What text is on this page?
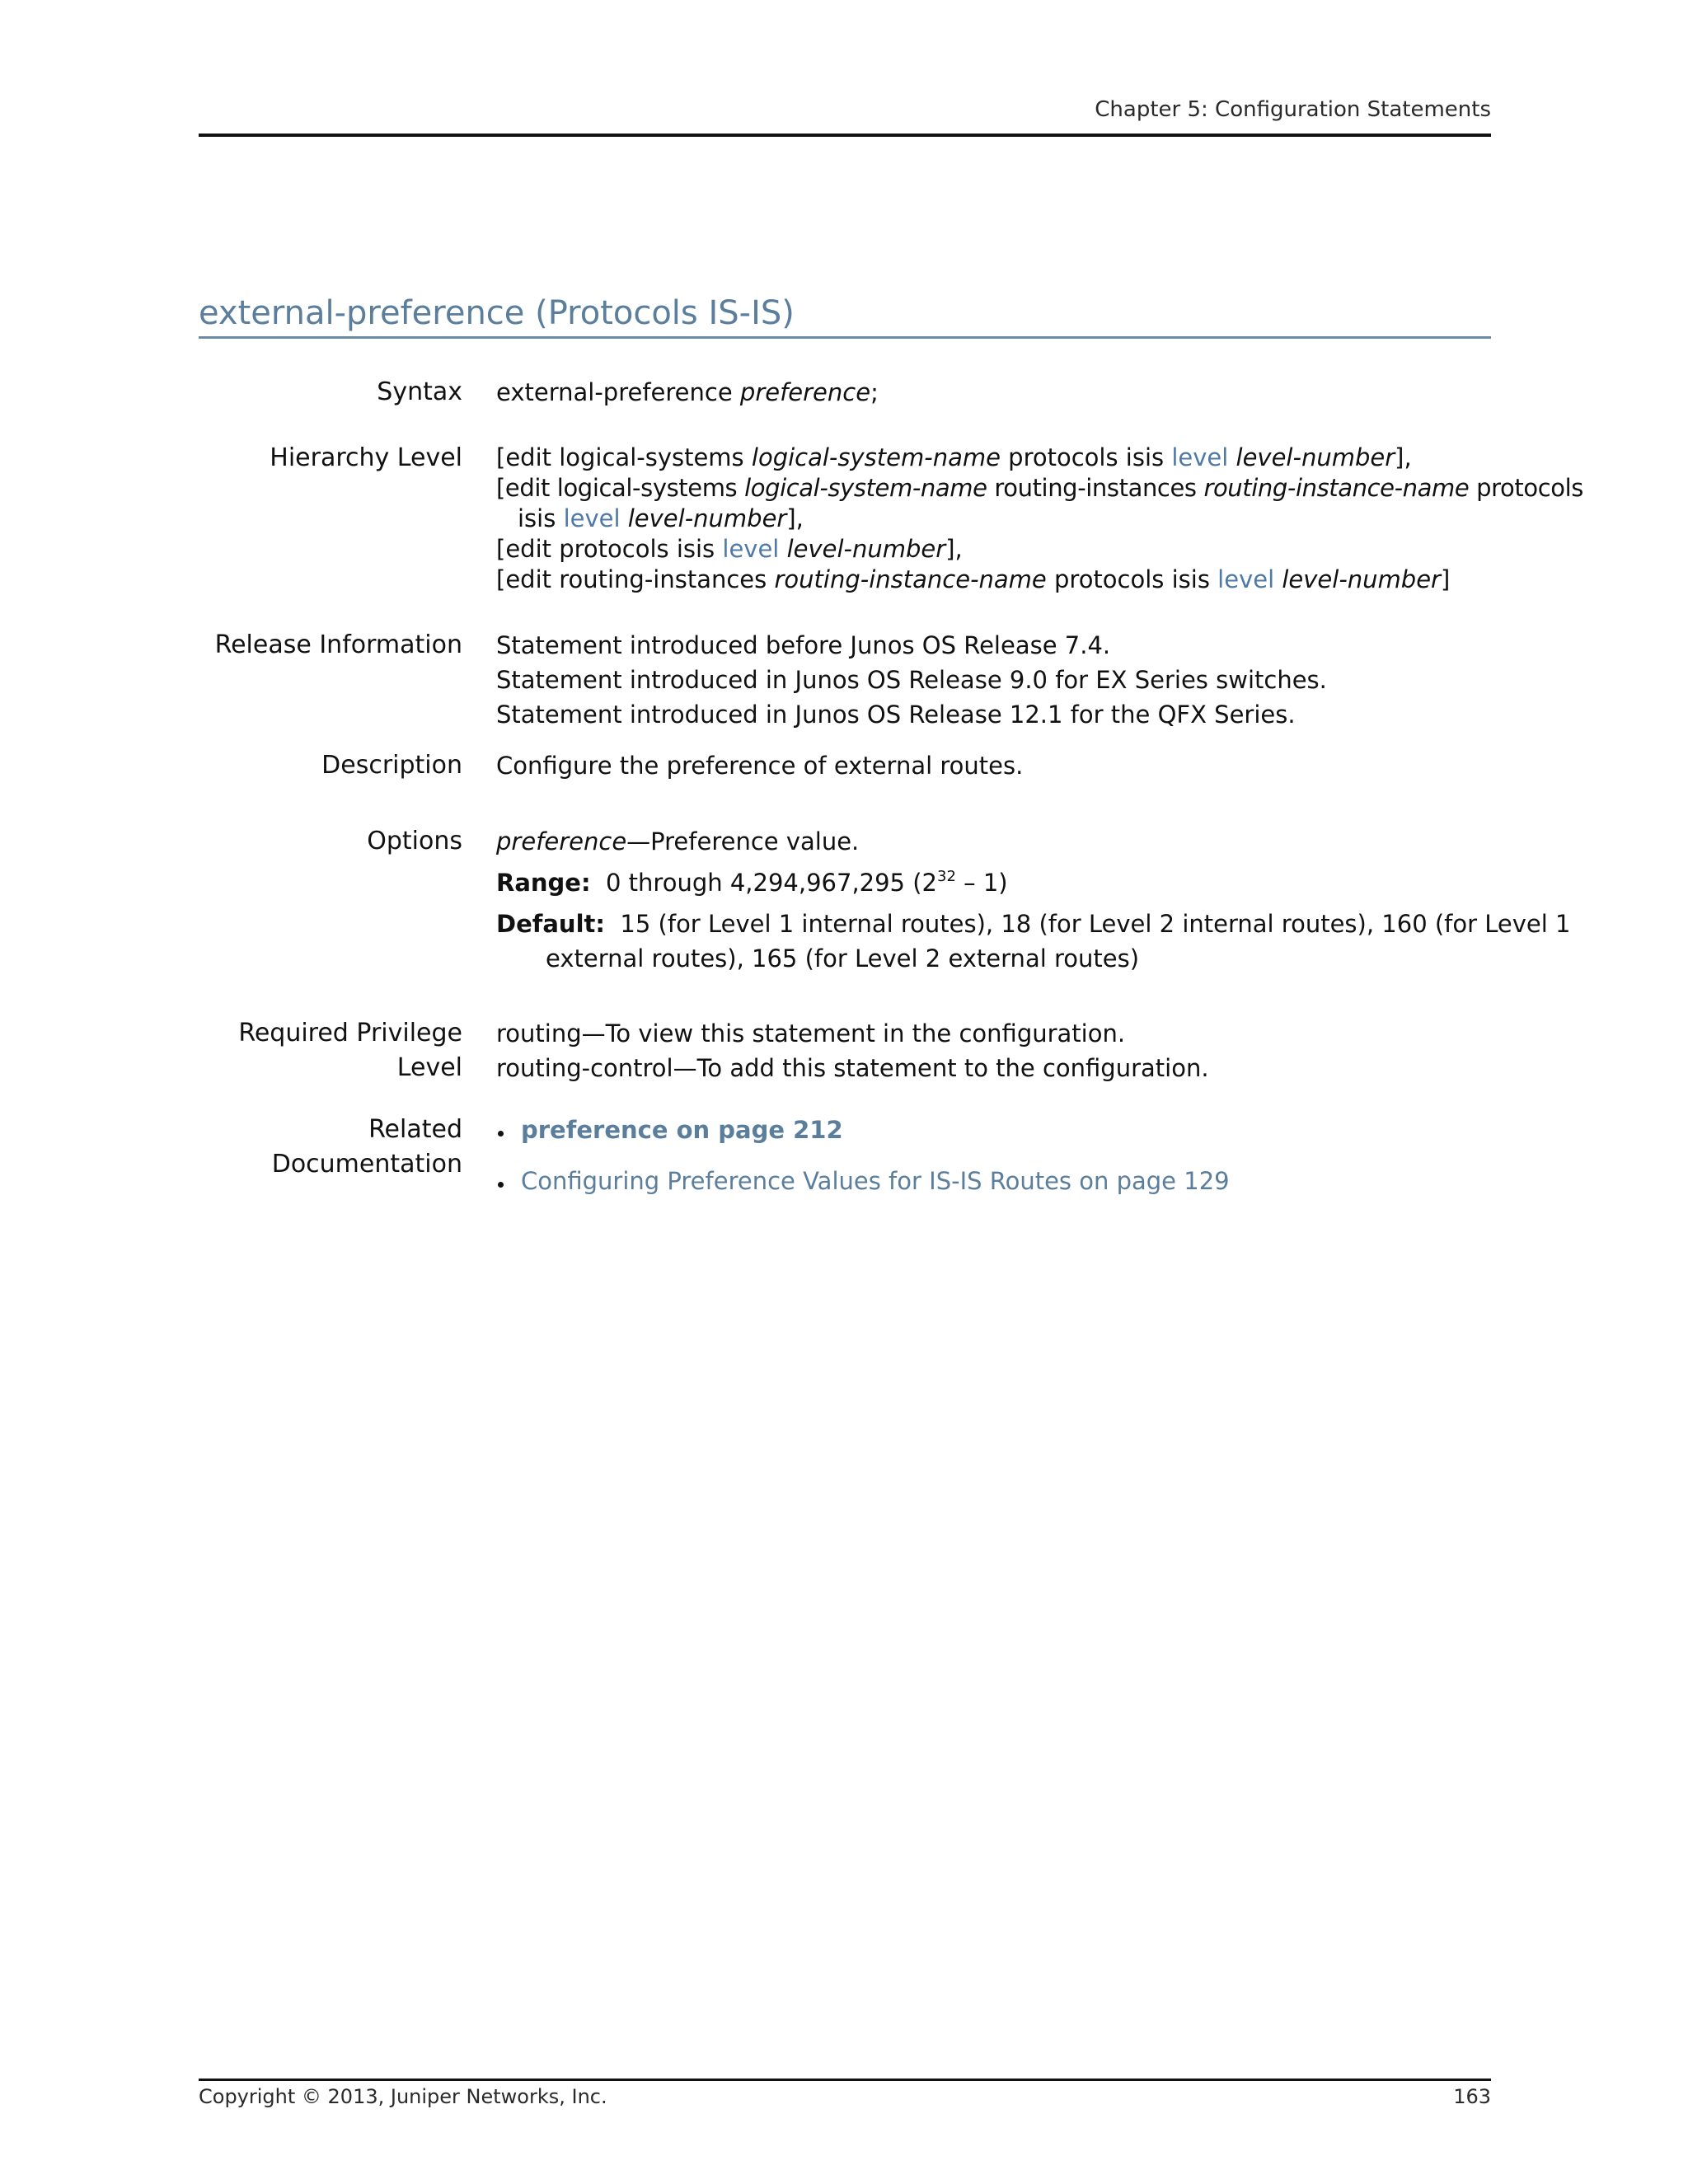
Chapter 5: Configuration Statements
external-preference (Protocols IS-IS)
Syntax external-preference preference;
Hierarchy Level [edit logical-systems logical-system-name protocols isis level level-number],
[edit logical-systems logical-system-name routing-instances routing-instance-name protocols
isis level level-number],
[edit protocols isis level level-number],
[edit routing-instances routing-instance-name protocols isis level level-number]
Release Information Statement introduced before Junos OS Release 7.4.
Statement introduced in Junos OS Release 9.0 for EX Series switches.
Statement introduced in Junos OS Release 12.1 for the QFX Series.
Description Configure the preference of external routes.
Options preference—Preference value.
Range: 0 through 4,294,967,295 $(2^{32} - 1)$
Default: 15 (for Level 1 internal routes), 18 (for Level 2 internal routes), 160 (for Level 1
external routes), 165 (for Level 2 external routes)
Required Privilege
Level
routing—To view this statement in the configuration.
routing-control—To add this statement to the configuration.
Related
Documentation
preference on page 212
Configuring Preference Values for IS-IS Routes on page 129
Copyright © 2013, Juniper Networks, Inc.	163
